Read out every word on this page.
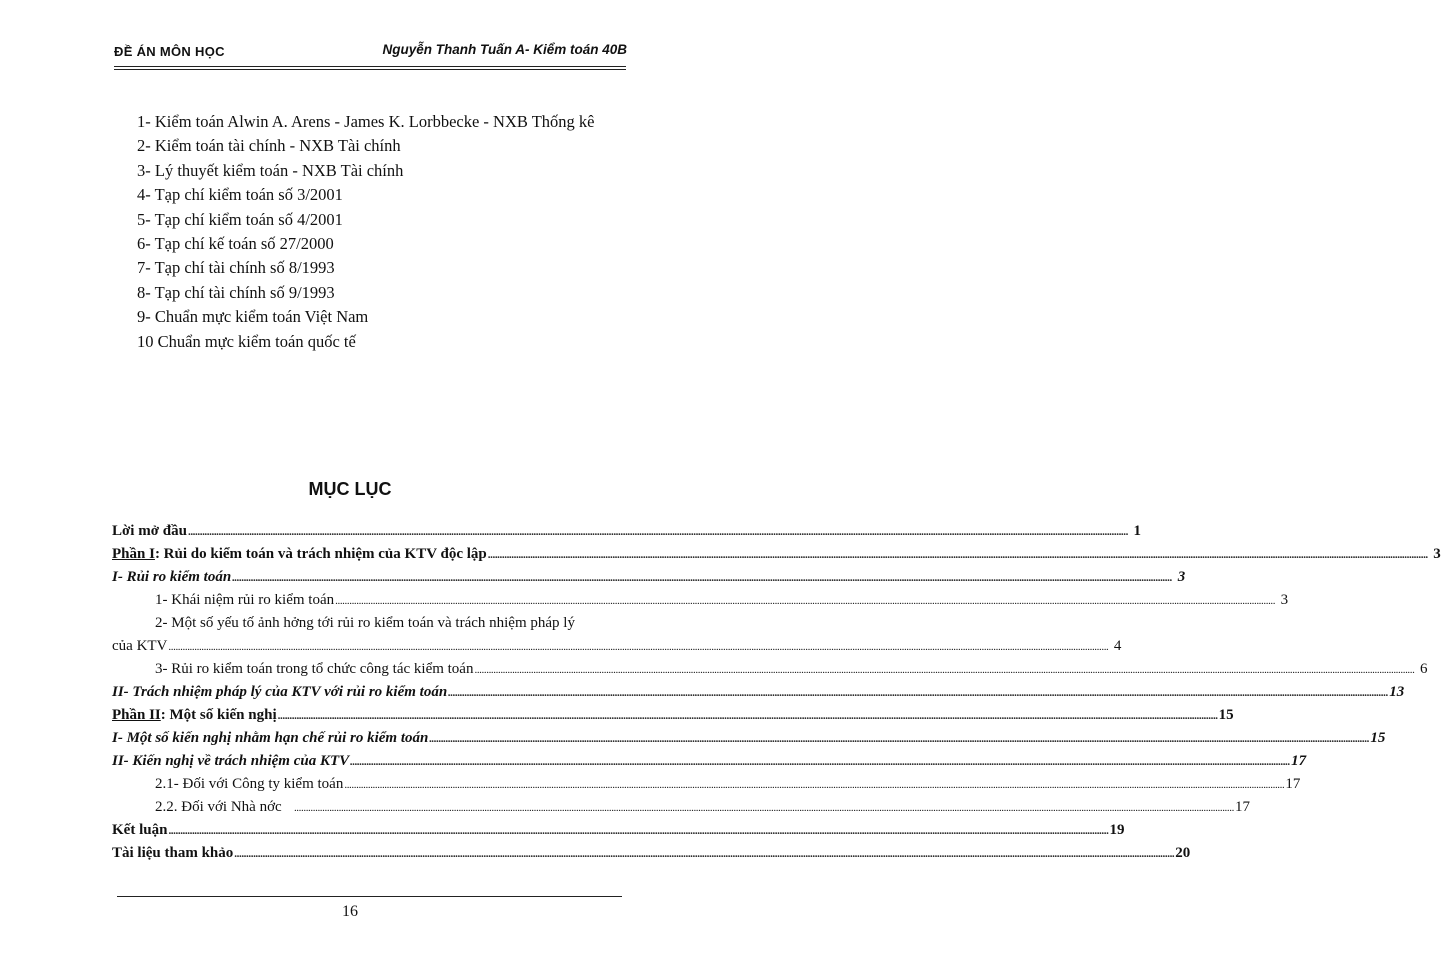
ĐỀ ÁN MÔN HỌC	Nguyễn Thanh Tuấn A- Kiểm toán 40B
1- Kiểm toán Alwin A. Arens - James K. Lorbbecke - NXB Thống kê
2- Kiểm toán tài chính - NXB Tài chính
3- Lý thuyết kiểm toán - NXB Tài chính
4- Tạp chí kiểm toán số 3/2001
5- Tạp chí kiểm toán số 4/2001
6- Tạp chí kế toán số 27/2000
7- Tạp chí tài chính số 8/1993
8- Tạp chí tài chính số 9/1993
9- Chuẩn mực kiểm toán Việt Nam
10 Chuẩn mực kiểm toán quốc tế
MỤC LỤC
Lời mở đầu ................................................................................................................................................................................................................................................................................................................................................................................................................ 1
Phần I: Rủi do kiểm toán và trách nhiệm của KTV độc lập ................................................................................................................................................................................................................................................................................................................................................................................................................ 3
I- Rủi ro kiểm toán ................................................................................................................................................................................................................................................................................................................................................................................................................ 3
1- Khái niệm rủi ro kiểm toán ................................................................................................................................................................................................................................................................................................................................................................................................................ 3
2- Một số yếu tố ảnh hởng tới rủi ro kiểm toán và trách nhiệm pháp lý
của KTV ................................................................................................................................................................................................................................................................................................................................................................................................................ 4
3- Rủi ro kiểm toán trong tổ chức công tác kiểm toán ................................................................................................................................................................................................................................................................................................................................................................................................................ 6
II- Trách nhiệm pháp lý của KTV với rủi ro kiểm toán ................................................................................................................................................................................................................................................................................................................................................................................................................ 13
Phần II: Một số kiến nghị ................................................................................................................................................................................................................................................................................................................................................................................................................ 15
I- Một số kiến nghị nhằm hạn chế rủi ro kiểm toán ................................................................................................................................................................................................................................................................................................................................................................................................................ 15
II- Kiến nghị về trách nhiệm của KTV ................................................................................................................................................................................................................................................................................................................................................................................................................ 17
2.1- Đối với Công ty kiểm toán ................................................................................................................................................................................................................................................................................................................................................................................................................ 17
2.2. Đối với Nhà nớc ................................................................................................................................................................................................................................................................................................................................................................................................................ 17
Kết luận ................................................................................................................................................................................................................................................................................................................................................................................................................ 19
Tài liệu tham khảo ................................................................................................................................................................................................................................................................................................................................................................................................................ 20
16
